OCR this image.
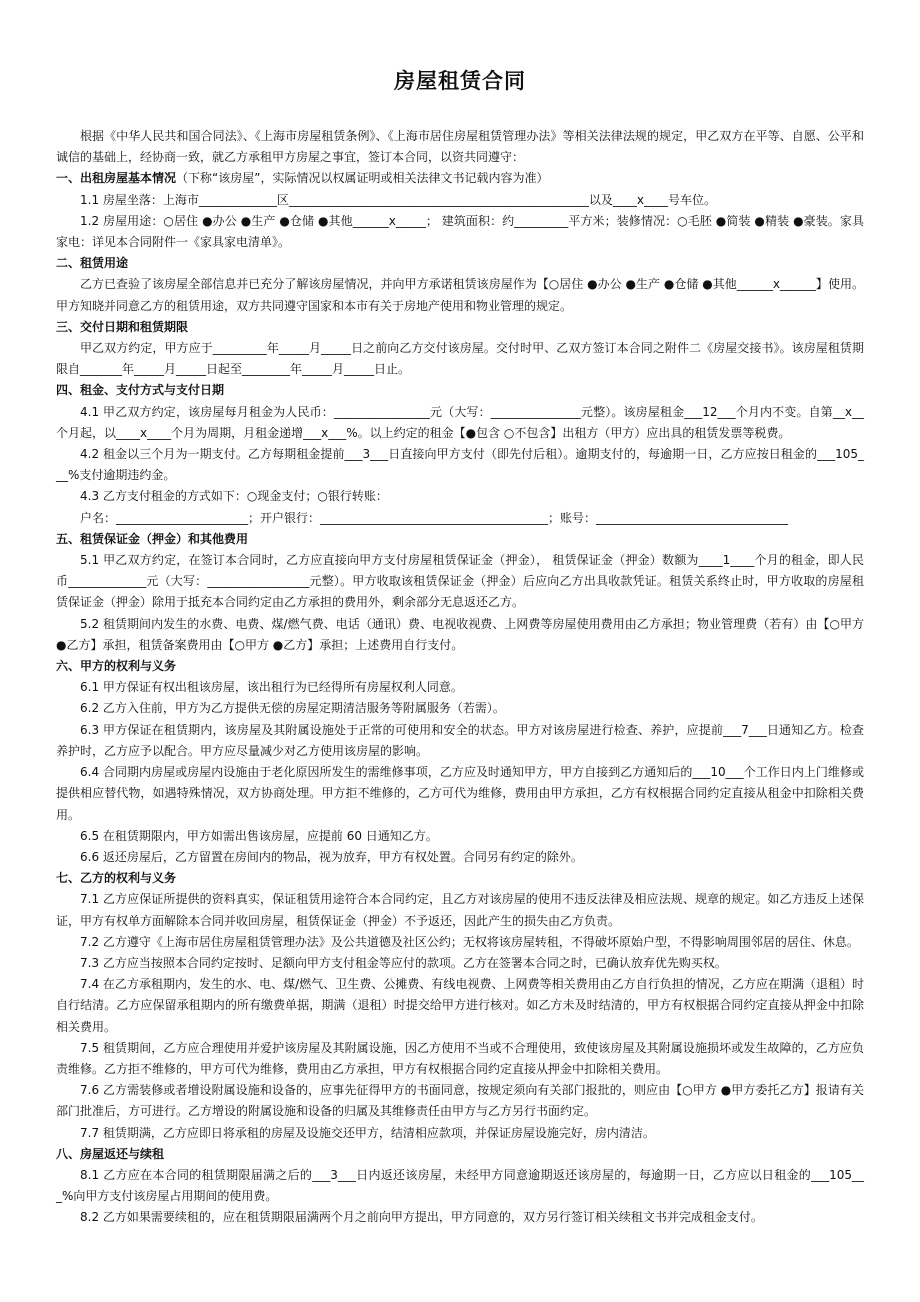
房屋租赁合同
根据《中华人民共和国合同法》、《上海市房屋租赁条例》、《上海市居住房屋租赁管理办法》等相关法律法规的规定，甲乙双方在平等、自愿、公平和诚信的基础上，经协商一致，就乙方承租甲方房屋之事宜，签订本合同，以资共同遵守：
一、出租房屋基本情况（下称“该房屋”，实际情况以权属证明或相关法律文书记载内容为准）
1.1 房屋坐落：上海市_____________区__________________________________________________以及____x____号车位。
1.2 房屋用途：○居住 ●办公 ●生产 ●仓储 ●其他______x_____； 建筑面积：约_________平方米；装修情况：○毛胚 ●简装 ●精装 ●豪装。家具家电：详见本合同附件一《家具家电清单》。
二、租赁用途
乙方已查验了该房屋全部信息并已充分了解该房屋情况，并向甲方承诺租赁该房屋作为【○居住 ●办公 ●生产 ●仓储 ●其他______x______】使用。甲方知晓并同意乙方的租赁用途，双方共同遵守国家和本市有关于房地产使用和物业管理的规定。
三、交付日期和租赁期限
甲乙双方约定，甲方应于_________年_____月_____日之前向乙方交付该房屋。交付时甲、乙双方签订本合同之附件二《房屋交接书》。该房屋租赁期限自_______年_____月_____日起至________年_____月_____日止。
四、租金、支付方式与支付日期
4.1 甲乙双方约定，该房屋每月租金为人民币：________________元（大写：_______________元整）。该房屋租金___12___个月内不变。自第__x__个月起，以____x____个月为周期，月租金递增___x___%。以上约定的租金【●包含 ○不包含】出租方（甲方）应出具的租赁发票等税费。
4.2 租金以三个月为一期支付。乙方每期租金提前___3___日直接向甲方支付（即先付后租）。逾期支付的，每逾期一日，乙方应按日租金的___105___%支付逾期违约金。
4.3 乙方支付租金的方式如下：○现金支付；○银行转账：
户名：______________________；开户银行：______________________________________；账号：________________________________
五、租赁保证金（押金）和其他费用
5.1 甲乙双方约定，在签订本合同时，乙方应直接向甲方支付房屋租赁保证金（押金）， 租赁保证金（押金）数额为____1____个月的租金，即人民币_____________元（大写：_________________元整）。甲方收取该租赁保证金（押金）后应向乙方出具收款凭证。租赁关系终止时，甲方收取的房屋租赁保证金（押金）除用于抵充本合同约定由乙方承担的费用外，剩余部分无息返还乙方。
5.2 租赁期间内发生的水费、电费、煤/燃气费、电话（通讯）费、电视收视费、上网费等房屋使用费用由乙方承担；物业管理费（若有）由【○甲方 ●乙方】承担，租赁备案费用由【○甲方 ●乙方】承担；上述费用自行支付。
六、甲方的权利与义务
6.1 甲方保证有权出租该房屋，该出租行为已经得所有房屋权利人同意。
6.2 乙方入住前，甲方为乙方提供无偿的房屋定期清洁服务等附属服务（若需）。
6.3 甲方保证在租赁期内，该房屋及其附属设施处于正常的可使用和安全的状态。甲方对该房屋进行检查、养护，应提前___7___日通知乙方。检查养护时，乙方应予以配合。甲方应尽量减少对乙方使用该房屋的影响。
6.4 合同期内房屋或房屋内设施由于老化原因所发生的需维修事项，乙方应及时通知甲方，甲方自接到乙方通知后的___10___个工作日内上门维修或提供相应替代物，如遇特殊情况，双方协商处理。甲方拒不维修的，乙方可代为维修，费用由甲方承担，乙方有权根据合同约定直接从租金中扣除相关费用。
6.5 在租赁期限内，甲方如需出售该房屋，应提前 60 日通知乙方。
6.6 返还房屋后，乙方留置在房间内的物品，视为放弃，甲方有权处置。合同另有约定的除外。
七、乙方的权利与义务
7.1 乙方应保证所提供的资料真实，保证租赁用途符合本合同约定，且乙方对该房屋的使用不违反法律及相应法规、规章的规定。如乙方违反上述保证，甲方有权单方面解除本合同并收回房屋，租赁保证金（押金）不予返还，因此产生的损失由乙方负责。
7.2 乙方遵守《上海市居住房屋租赁管理办法》及公共道德及社区公约；无权将该房屋转租，不得破坏原始户型，不得影响周围邻居的居住、休息。
7.3 乙方应当按照本合同约定按时、足额向甲方支付租金等应付的款项。乙方在签署本合同之时，已确认放弃优先购买权。
7.4 在乙方承租期内，发生的水、电、煤/燃气、卫生费、公摊费、有线电视费、上网费等相关费用由乙方自行负担的情况，乙方应在期满（退租）时自行结清。乙方应保留承租期内的所有缴费单据，期满（退租）时提交给甲方进行核对。如乙方未及时结清的，甲方有权根据合同约定直接从押金中扣除相关费用。
7.5 租赁期间，乙方应合理使用并爱护该房屋及其附属设施，因乙方使用不当或不合理使用，致使该房屋及其附属设施损坏或发生故障的，乙方应负责维修。乙方拒不维修的，甲方可代为维修，费用由乙方承担，甲方有权根据合同约定直接从押金中扣除相关费用。
7.6 乙方需装修或者增设附属设施和设备的，应事先征得甲方的书面同意，按规定须向有关部门报批的，则应由【○甲方 ●甲方委托乙方】报请有关部门批准后，方可进行。乙方增设的附属设施和设备的归属及其维修责任由甲方与乙方另行书面约定。
7.7 租赁期满，乙方应即日将承租的房屋及设施交还甲方，结清相应款项，并保证房屋设施完好，房内清洁。
八、房屋返还与续租
8.1 乙方应在本合同的租赁期限届满之后的___3___日内返还该房屋，未经甲方同意逾期返还该房屋的，每逾期一日，乙方应以日租金的___105___%向甲方支付该房屋占用期间的使用费。
8.2 乙方如果需要续租的，应在租赁期限届满两个月之前向甲方提出，甲方同意的，双方另行签订相关续租文书并完成租金支付。
